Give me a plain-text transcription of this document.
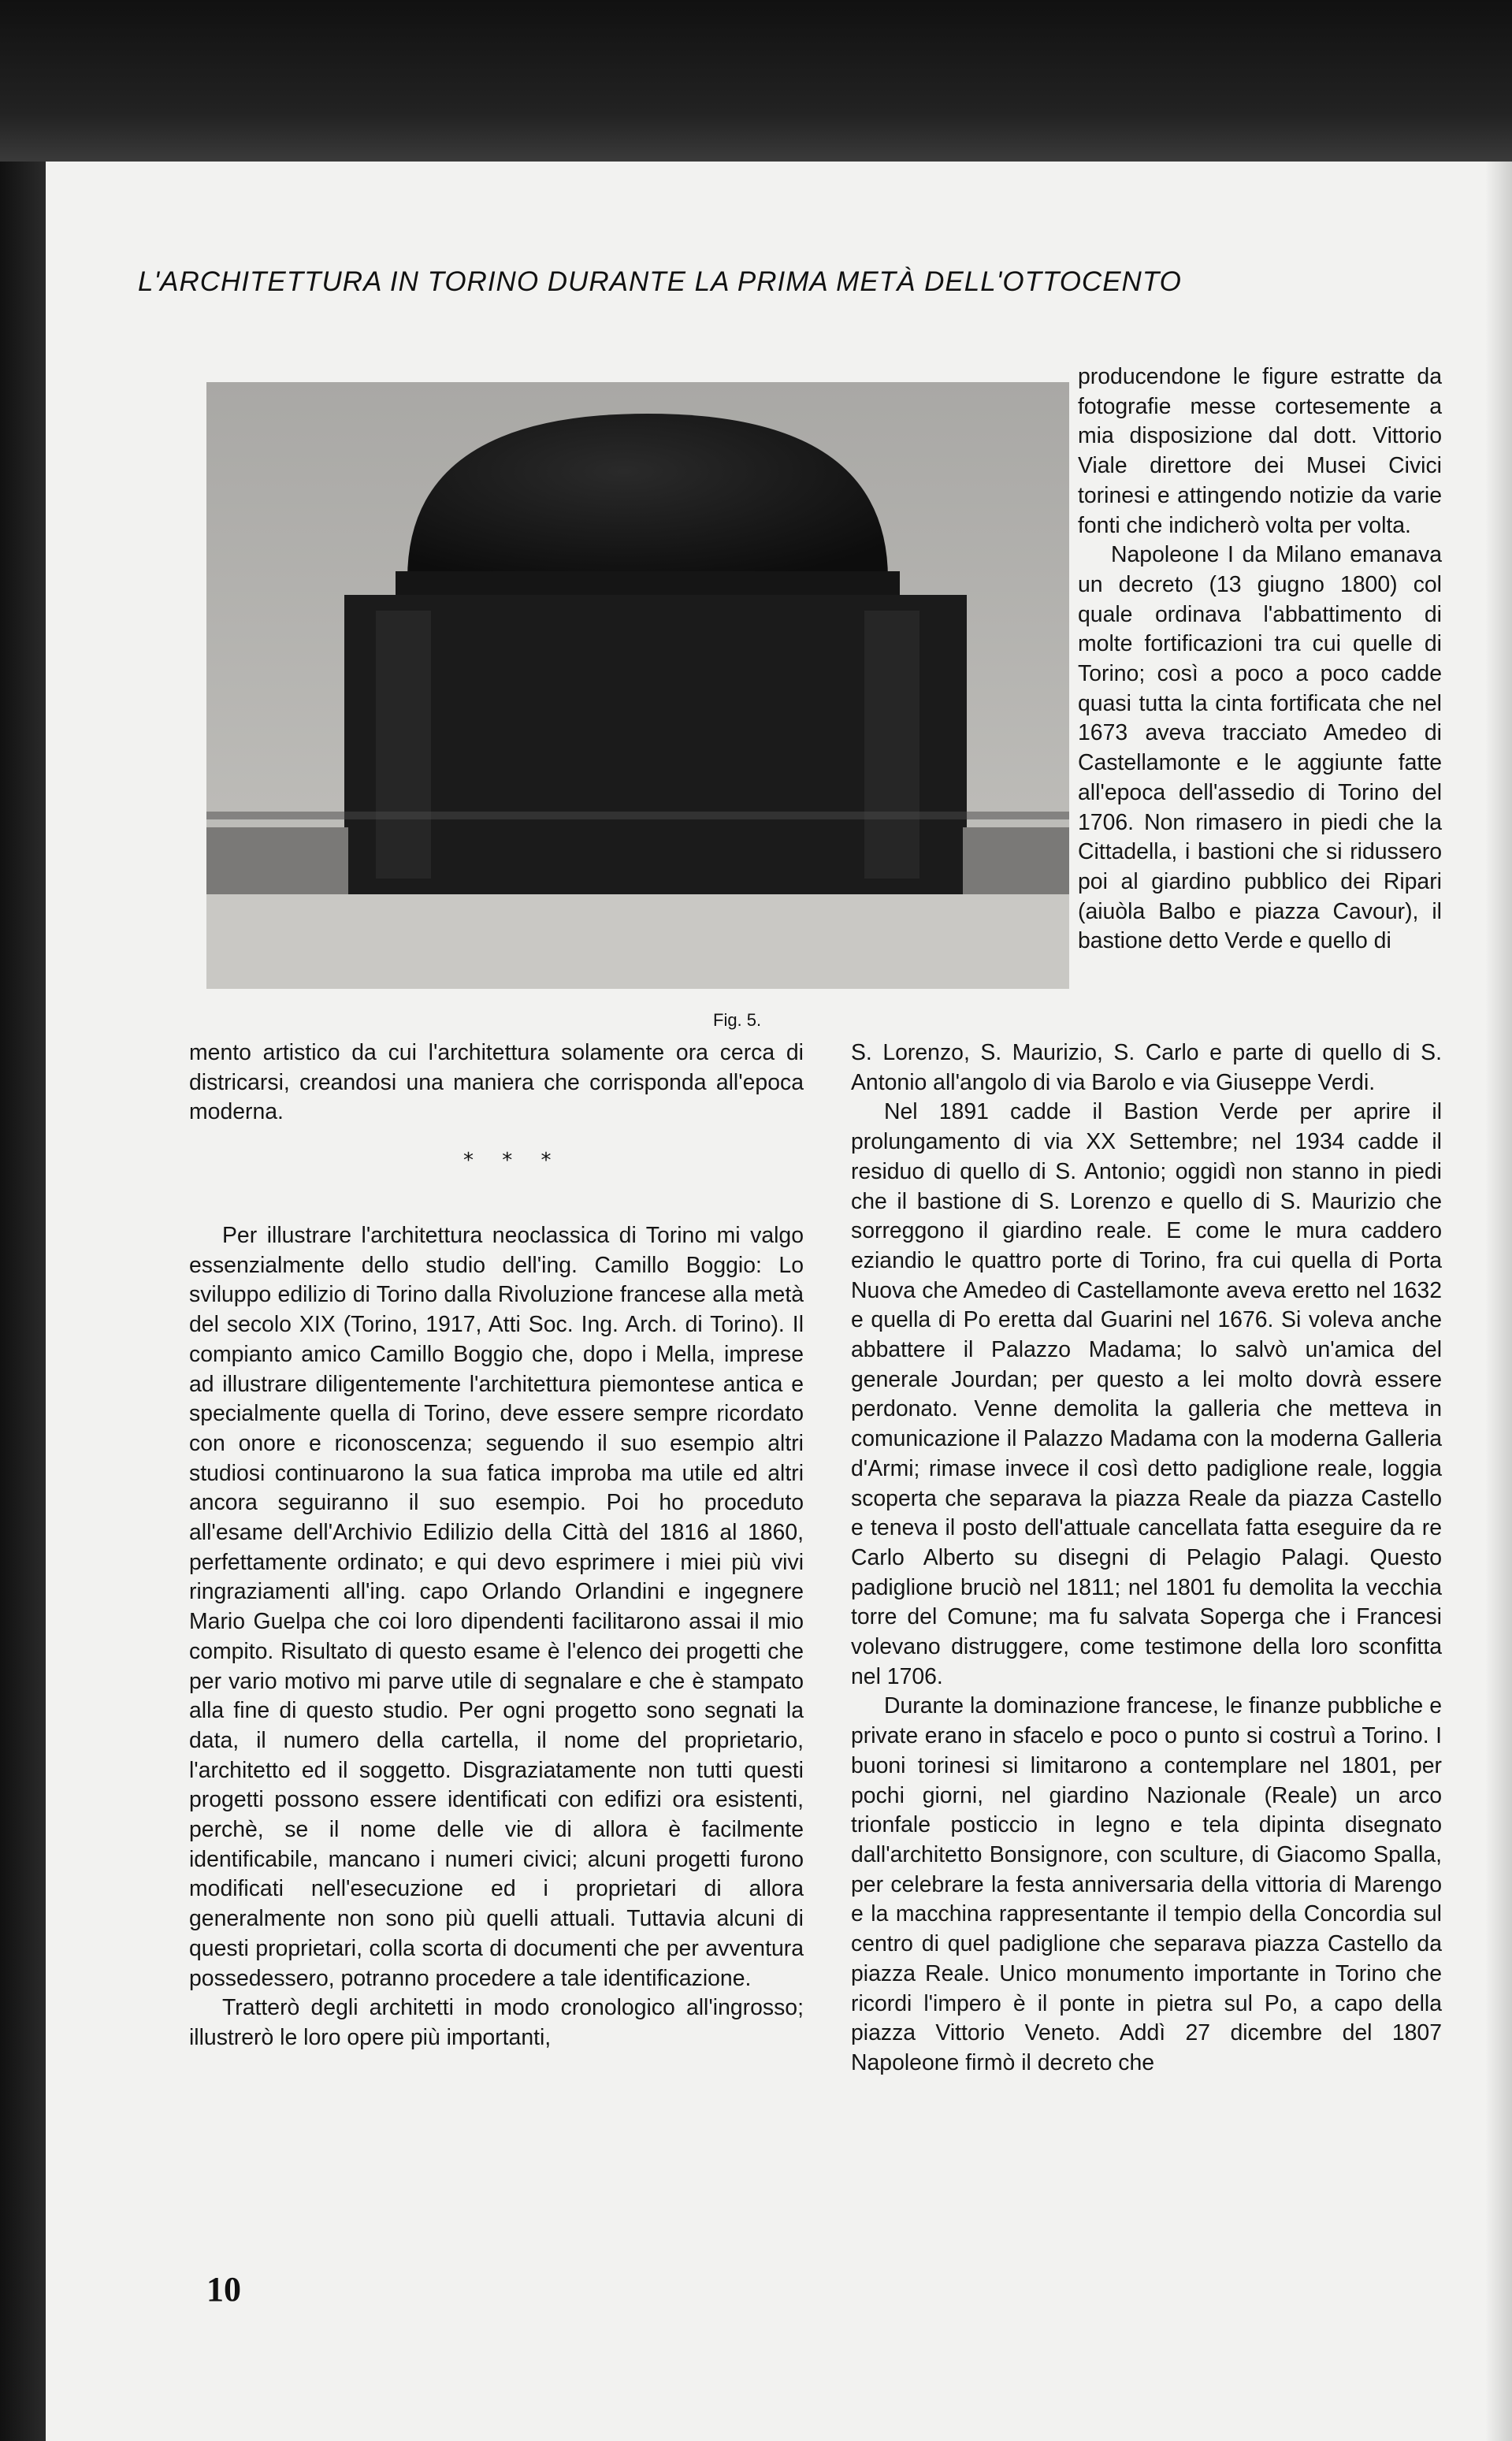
L'ARCHITETTURA IN TORINO DURANTE LA PRIMA METÀ DELL'OTTOCENTO
Fig. 5.

mento artistico da cui l'architettura solamente ora cerca di districarsi, creandosi una maniera che corrisponda all'epoca moderna.

* * *

Per illustrare l'architettura neoclassica di Torino mi valgo essenzialmente dello studio dell'ing. Camillo Boggio: Lo sviluppo edilizio di Torino dalla Rivoluzione francese alla metà del secolo XIX (Torino, 1917, Atti Soc. Ing. Arch. di Torino). Il compianto amico Camillo Boggio che, dopo i Mella, imprese ad illustrare diligentemente l'architettura piemontese antica e specialmente quella di Torino, deve essere sempre ricordato con onore e riconoscenza; seguendo il suo esempio altri studiosi continuarono la sua fatica improba ma utile ed altri ancora seguiranno il suo esempio. Poi ho proceduto all'esame dell'Archivio Edilizio della Città del 1816 al 1860, perfettamente ordinato; e qui devo esprimere i miei più vivi ringraziamenti all'ing. capo Orlando Orlandini e ingegnere Mario Guelpa che coi loro dipendenti facilitarono assai il mio compito. Risultato di questo esame è l'elenco dei progetti che per vario motivo mi parve utile di segnalare e che è stampato alla fine di questo studio. Per ogni progetto sono segnati la data, il numero della cartella, il nome del proprietario, l'architetto ed il soggetto. Disgraziatamente non tutti questi progetti possono essere identificati con edifizi ora esistenti, perchè, se il nome delle vie di allora è facilmente identificabile, mancano i numeri civici; alcuni progetti furono modificati nell'esecuzione ed i proprietari di allora generalmente non sono più quelli attuali. Tuttavia alcuni di questi proprietari, colla scorta di documenti che per avventura possedessero, potranno procedere a tale identificazione.

Tratterò degli architetti in modo cronologico all'ingrosso; illustrerò le loro opere più importanti,

producendone le figure estratte da fotografie messe cortesemente a mia disposizione dal dott. Vittorio Viale direttore dei Musei Civici torinesi e attingendo notizie da varie fonti che indicherò volta per volta.

Napoleone I da Milano emanava un decreto (13 giugno 1800) col quale ordinava l'abbattimento di molte fortificazioni tra cui quelle di Torino; così a poco a poco cadde quasi tutta la cinta fortificata che nel 1673 aveva tracciato Amedeo di Castellamonte e le aggiunte fatte all'epoca dell'assedio di Torino del 1706. Non rimasero in piedi che la Cittadella, i bastioni che si ridussero poi al giardino pubblico dei Ripari (aiuòla Balbo e piazza Cavour), il bastione detto Verde e quello di

S. Lorenzo, S. Maurizio, S. Carlo e parte di quello di S. Antonio all'angolo di via Barolo e via Giuseppe Verdi.

Nel 1891 cadde il Bastion Verde per aprire il prolungamento di via XX Settembre; nel 1934 cadde il residuo di quello di S. Antonio; oggidì non stanno in piedi che il bastione di S. Lorenzo e quello di S. Maurizio che sorreggono il giardino reale. E come le mura caddero eziandio le quattro porte di Torino, fra cui quella di Porta Nuova che Amedeo di Castellamonte aveva eretto nel 1632 e quella di Po eretta dal Guarini nel 1676. Si voleva anche abbattere il Palazzo Madama; lo salvò un'amica del generale Jourdan; per questo a lei molto dovrà essere perdonato. Venne demolita la galleria che metteva in comunicazione il Palazzo Madama con la moderna Galleria d'Armi; rimase invece il così detto padiglione reale, loggia scoperta che separava la piazza Reale da piazza Castello e teneva il posto dell'attuale cancellata fatta eseguire da re Carlo Alberto su disegni di Pelagio Palagi. Questo padiglione bruciò nel 1811; nel 1801 fu demolita la vecchia torre del Comune; ma fu salvata Soperga che i Francesi volevano distruggere, come testimone della loro sconfitta nel 1706.

Durante la dominazione francese, le finanze pubbliche e private erano in sfacelo e poco o punto si costruì a Torino. I buoni torinesi si limitarono a contemplare nel 1801, per pochi giorni, nel giardino Nazionale (Reale) un arco trionfale posticcio in legno e tela dipinta disegnato dall'architetto Bonsignore, con sculture, di Giacomo Spalla, per celebrare la festa anniversaria della vittoria di Marengo e la macchina rappresentante il tempio della Concordia sul centro di quel padiglione che separava piazza Castello da piazza Reale. Unico monumento importante in Torino che ricordi l'impero è il ponte in pietra sul Po, a capo della piazza Vittorio Veneto. Addì 27 dicembre del 1807 Napoleone firmò il decreto che

10
